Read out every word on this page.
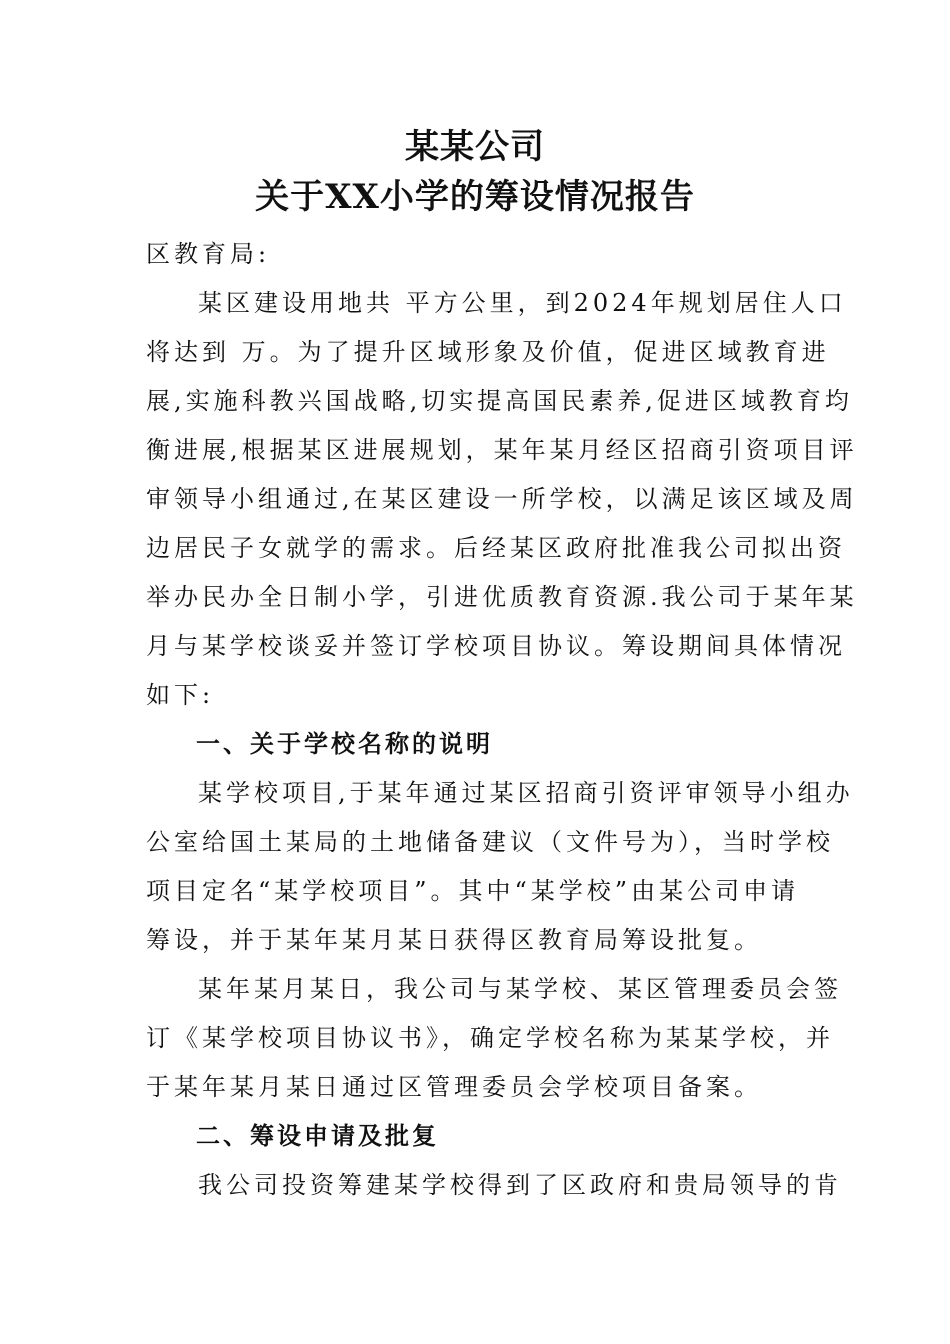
某某公司
关于XX小学的筹设情况报告
区教育局:
某区建设用地共 平方公里，到2024年规划居住人口
将达到 万。为了提升区域形象及价值，促进区域教育进
展,实施科教兴国战略,切实提高国民素养,促进区域教育均
衡进展,根据某区进展规划，某年某月经区招商引资项目评
审领导小组通过,在某区建设一所学校，以满足该区域及周
边居民子女就学的需求。后经某区政府批准我公司拟出资
举办民办全日制小学，引进优质教育资源.我公司于某年某
月与某学校谈妥并签订学校项目协议。筹设期间具体情况
如下:
一、关于学校名称的说明
某学校项目,于某年通过某区招商引资评审领导小组办
公室给国土某局的土地储备建议（文件号为），当时学校
项目定名“某学校项目”。其中“某学校”由某公司申请
筹设，并于某年某月某日获得区教育局筹设批复。
某年某月某日，我公司与某学校、某区管理委员会签
订《某学校项目协议书》，确定学校名称为某某学校，并
于某年某月某日通过区管理委员会学校项目备案。
二、筹设申请及批复
我公司投资筹建某学校得到了区政府和贵局领导的肯
